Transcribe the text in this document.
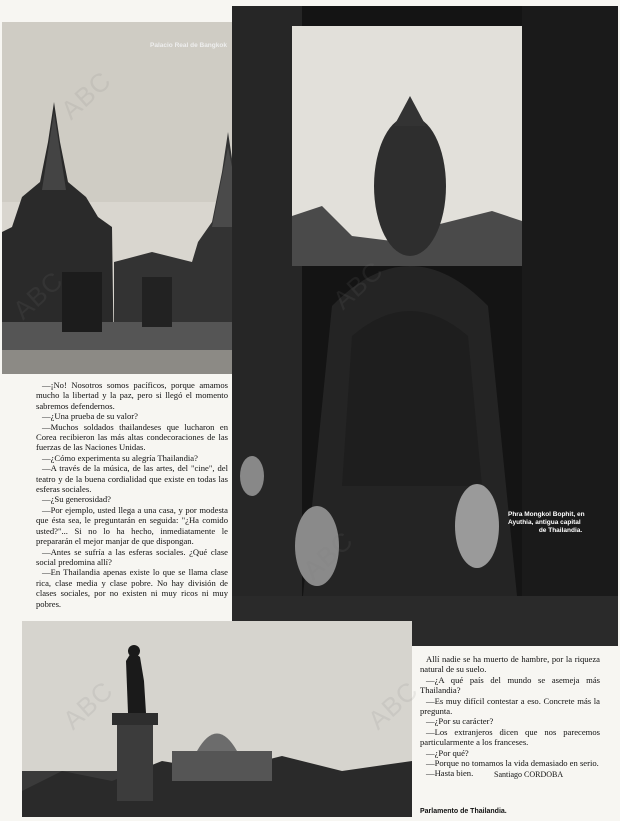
Palacio Real de Bangkok
Phra Mongkol Bophit, en
Ayuthia, antigua capital
de Thailandia.

—¡No! Nosotros somos pacíficos, porque amamos mucho la libertad y la paz, pero si llegó el momento sabremos defendernos.

—¿Una prueba de su valor?

—Muchos soldados thailandeses que lucharon en Corea recibieron las más altas condecoraciones de las fuerzas de las Naciones Unidas.

—¿Cómo experimenta su alegría Thailandia?

—A través de la música, de las artes, del "cine", del teatro y de la buena cordialidad que existe en todas las esferas sociales.

—¿Su generosidad?

—Por ejemplo, usted llega a una casa, y por modesta que ésta sea, le preguntarán en seguida: "¿Ha comido usted?"... Si no lo ha hecho, inmediatamente le prepararán el mejor manjar de que dispongan.

—Antes se sufría a las esferas sociales. ¿Qué clase social predomina allí?

—En Thailandia apenas existe lo que se llama clase rica, clase media y clase pobre. No hay división de clases sociales, por no existen ni muy ricos ni muy pobres.

Allí nadie se ha muerto de hambre, por la riqueza natural de su suelo.

—¿A qué país del mundo se asemeja más Thailandia?

—Es muy difícil contestar a eso. Concrete más la pregunta.

—¿Por su carácter?

—Los extranjeros dicen que nos parecemos particularmente a los franceses.

—¿Por qué?

—Porque no tomamos la vida demasiado en serio.

—Hasta bien.	Santiago CORDOBA
Parlamento de Thailandia.
